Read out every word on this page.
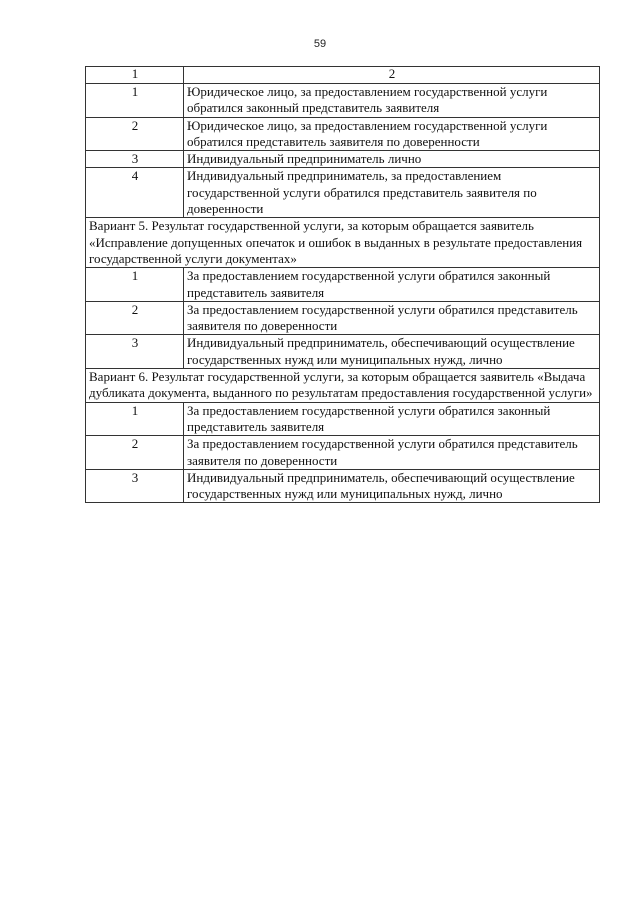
59
1	2
1	Юридическое лицо, за предоставлением государственной услуги обратился законный представитель заявителя
2	Юридическое лицо, за предоставлением государственной услуги обратился представитель заявителя по доверенности
3	Индивидуальный предприниматель лично
4	Индивидуальный предприниматель, за предоставлением государственной услуги обратился представитель заявителя по доверенности
Вариант 5. Результат государственной услуги, за которым обращается заявитель «Исправление допущенных опечаток и ошибок в выданных в результате предоставления государственной услуги документах»	
1	За предоставлением государственной услуги обратился законный представитель заявителя
2	За предоставлением государственной услуги обратился представитель заявителя по доверенности
3	Индивидуальный предприниматель, обеспечивающий осуществление государственных нужд или муниципальных нужд, лично
Вариант 6. Результат государственной услуги, за которым обращается заявитель «Выдача дубликата документа, выданного по результатам предоставления государственной услуги»	
1	За предоставлением государственной услуги обратился законный представитель заявителя
2	За предоставлением государственной услуги обратился представитель заявителя по доверенности
3	Индивидуальный предприниматель, обеспечивающий осуществление государственных нужд или муниципальных нужд, лично
